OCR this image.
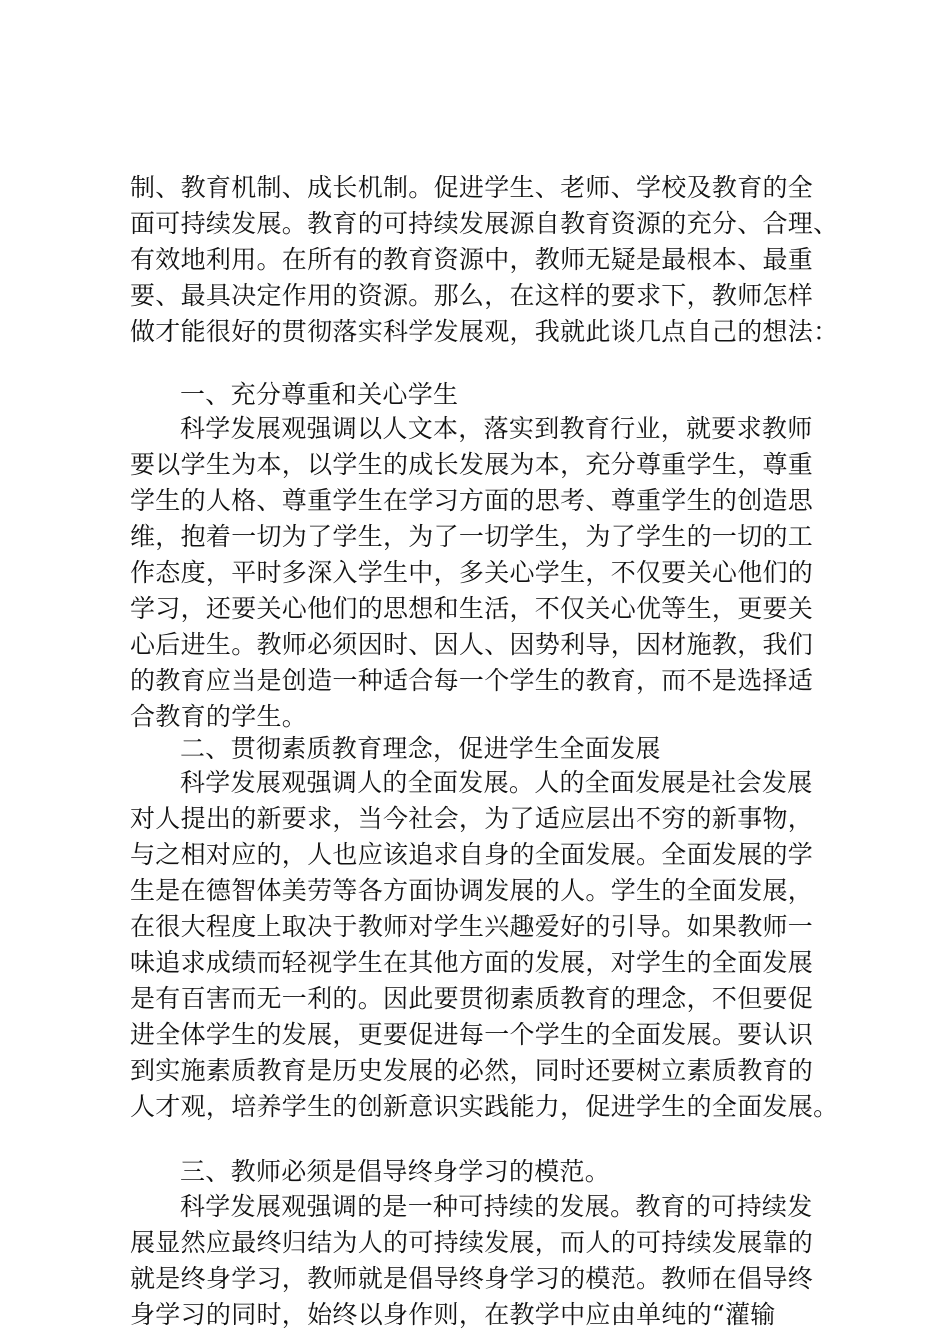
制、教育机制、成长机制。促进学生、老师、学校及教育的全
面可持续发展。教育的可持续发展源自教育资源的充分、合理、
有效地利用。在所有的教育资源中，教师无疑是最根本、最重
要、最具决定作用的资源。那么，在这样的要求下，教师怎样
做才能很好的贯彻落实科学发展观，我就此谈几点自己的想法：
一、充分尊重和关心学生
科学发展观强调以人文本，落实到教育行业，就要求教师
要以学生为本，以学生的成长发展为本，充分尊重学生，尊重
学生的人格、尊重学生在学习方面的思考、尊重学生的创造思
维，抱着一切为了学生，为了一切学生，为了学生的一切的工
作态度，平时多深入学生中，多关心学生，不仅要关心他们的
学习，还要关心他们的思想和生活，不仅关心优等生，更要关
心后进生。教师必须因时、因人、因势利导，因材施教，我们
的教育应当是创造一种适合每一个学生的教育，而不是选择适
合教育的学生。
二、贯彻素质教育理念，促进学生全面发展
科学发展观强调人的全面发展。人的全面发展是社会发展
对人提出的新要求，当今社会，为了适应层出不穷的新事物，
与之相对应的，人也应该追求自身的全面发展。全面发展的学
生是在德智体美劳等各方面协调发展的人。学生的全面发展，
在很大程度上取决于教师对学生兴趣爱好的引导。如果教师一
味追求成绩而轻视学生在其他方面的发展，对学生的全面发展
是有百害而无一利的。因此要贯彻素质教育的理念，不但要促
进全体学生的发展，更要促进每一个学生的全面发展。要认识
到实施素质教育是历史发展的必然，同时还要树立素质教育的
人才观，培养学生的创新意识实践能力，促进学生的全面发展。
三、教师必须是倡导终身学习的模范。
科学发展观强调的是一种可持续的发展。教育的可持续发
展显然应最终归结为人的可持续发展，而人的可持续发展靠的
就是终身学习，教师就是倡导终身学习的模范。教师在倡导终
身学习的同时，始终以身作则，在教学中应由单纯的“灌输
